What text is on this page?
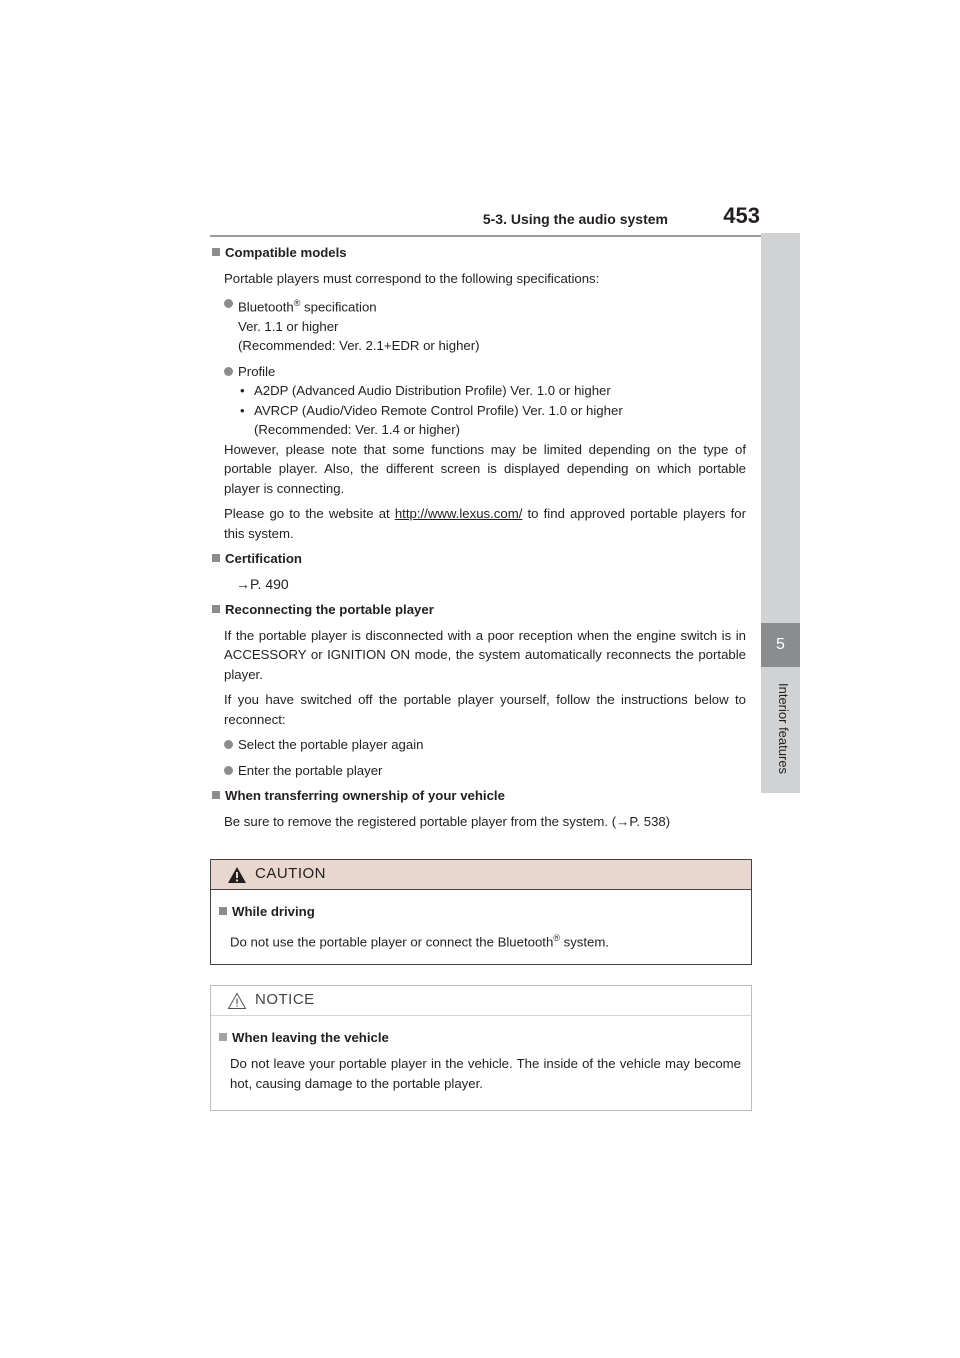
5-3. Using the audio system	453
5
Interior features

Compatible models

Portable players must correspond to the following specifications:

Bluetooth® specification
Ver. 1.1 or higher
(Recommended: Ver. 2.1+EDR or higher)
Profile
• A2DP (Advanced Audio Distribution Profile) Ver. 1.0 or higher
• AVRCP (Audio/Video Remote Control Profile) Ver. 1.0 or higher
(Recommended: Ver. 1.4 or higher)

However, please note that some functions may be limited depending on the type of portable player. Also, the different screen is displayed depending on which portable player is connecting.

Please go to the website at http://www.lexus.com/ to find approved portable players for this system.

Certification

→P. 490

Reconnecting the portable player

If the portable player is disconnected with a poor reception when the engine switch is in ACCESSORY or IGNITION ON mode, the system automatically reconnects the portable player.

If you have switched off the portable player yourself, follow the instructions below to reconnect:

Select the portable player again
Enter the portable player

When transferring ownership of your vehicle

Be sure to remove the registered portable player from the system. (→P. 538)

CAUTION

While driving

Do not use the portable player or connect the Bluetooth® system.

NOTICE

When leaving the vehicle

Do not leave your portable player in the vehicle. The inside of the vehicle may become hot, causing damage to the portable player.
